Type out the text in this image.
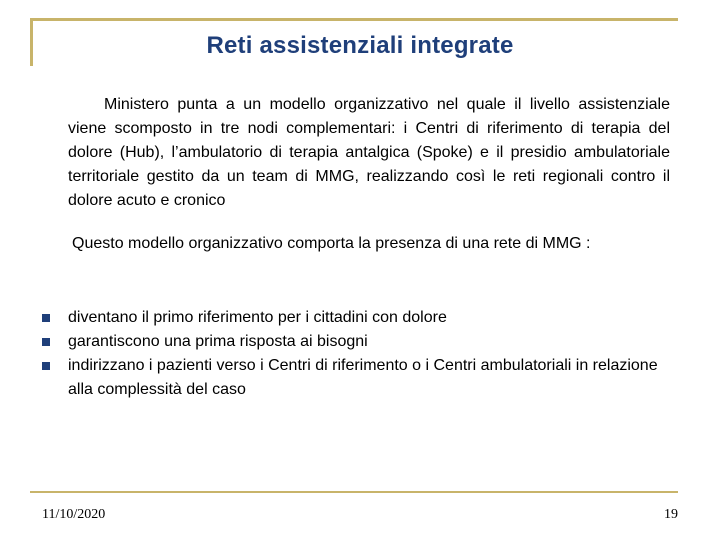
Reti assistenziali integrate
Ministero punta a un modello organizzativo nel quale il livello assistenziale viene scomposto in tre nodi complementari: i Centri di riferimento di terapia del dolore (Hub), l’ambulatorio di terapia antalgica (Spoke) e il presidio ambulatoriale territoriale gestito da un team di MMG, realizzando così le reti regionali contro il dolore acuto e cronico
Questo modello organizzativo comporta la presenza di una rete di MMG :
diventano il primo riferimento per i cittadini con dolore
garantiscono una prima risposta ai bisogni
indirizzano i pazienti verso i Centri di riferimento o i Centri ambulatoriali in relazione alla complessità del caso
11/10/2020	19
